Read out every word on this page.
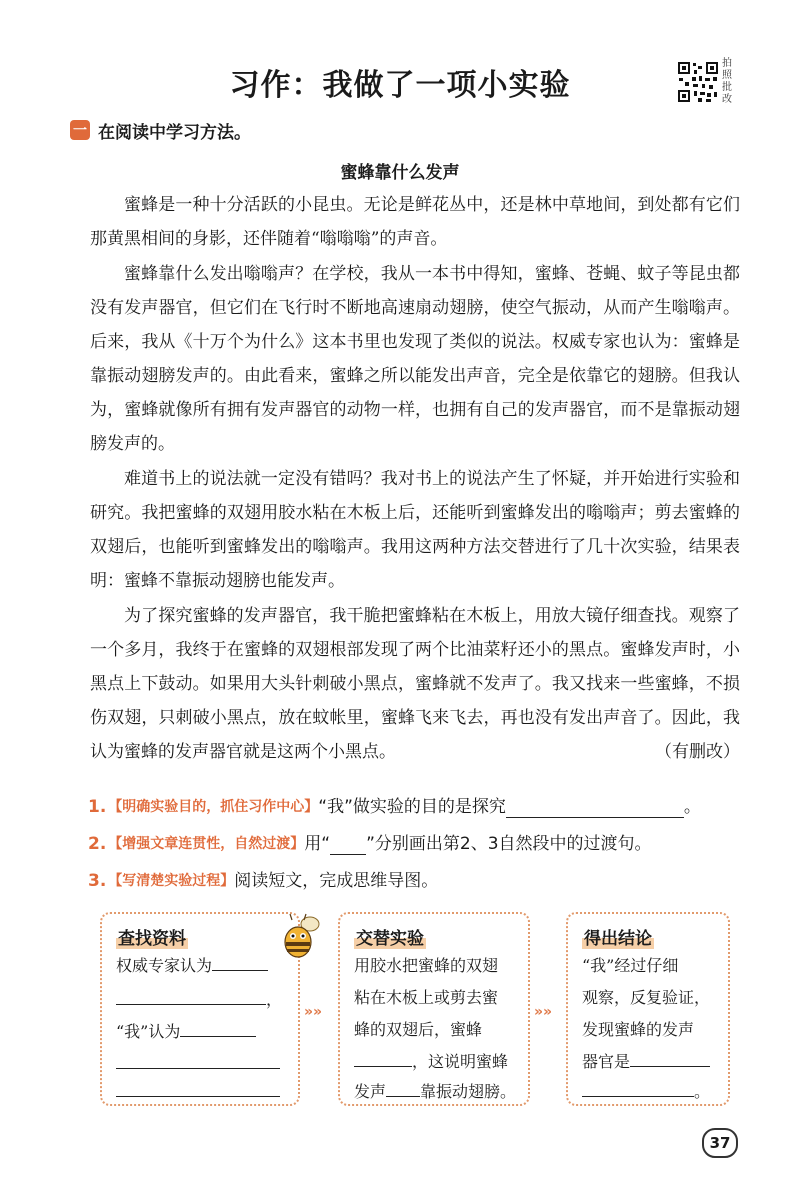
习作：我做了一项小实验
拍照批改
一 在阅读中学习方法。
蜜蜂靠什么发声

蜜蜂是一种十分活跃的小昆虫。无论是鲜花丛中，还是林中草地间，到处都有它们那黄黑相间的身影，还伴随着“嗡嗡嗡”的声音。

蜜蜂靠什么发出嗡嗡声？在学校，我从一本书中得知，蜜蜂、苍蝇、蚊子等昆虫都没有发声器官，但它们在飞行时不断地高速扇动翅膀，使空气振动，从而产生嗡嗡声。后来，我从《十万个为什么》这本书里也发现了类似的说法。权威专家也认为：蜜蜂是靠振动翅膀发声的。由此看来，蜜蜂之所以能发出声音，完全是依靠它的翅膀。但我认为，蜜蜂就像所有拥有发声器官的动物一样，也拥有自己的发声器官，而不是靠振动翅膀发声的。

难道书上的说法就一定没有错吗？我对书上的说法产生了怀疑，并开始进行实验和研究。我把蜜蜂的双翅用胶水粘在木板上后，还能听到蜜蜂发出的嗡嗡声；剪去蜜蜂的双翅后，也能听到蜜蜂发出的嗡嗡声。我用这两种方法交替进行了几十次实验，结果表明：蜜蜂不靠振动翅膀也能发声。

为了探究蜜蜂的发声器官，我干脆把蜜蜂粘在木板上，用放大镜仔细查找。观察了一个多月，我终于在蜜蜂的双翅根部发现了两个比油菜籽还小的黑点。蜜蜂发声时，小黑点上下鼓动。如果用大头针刺破小黑点，蜜蜂就不发声了。我又找来一些蜜蜂，不损伤双翅，只刺破小黑点，放在蚊帐里，蜜蜂飞来飞去，再也没有发出声音了。因此，我认为蜜蜂的发声器官就是这两个小黑点。	（有删改）

1. 【明确实验目的，抓住习作中心】 “我”做实验的目的是探究	。
2. 【增强文章连贯性，自然过渡】 用“ ”分别画出第2、3自然段中的过渡句。
3. 【写清楚实验过程】 阅读短文，完成思维导图。
查找资料
权威专家认为
，
“我”认为
»»
交替实验
用胶水把蜜蜂的双翅
粘在木板上或剪去蜜
蜂的双翅后，蜜蜂
，这说明蜜蜂
发声 靠振动翅膀。
»»
得出结论
“我”经过仔细
观察，反复验证，
发现蜜蜂的发声
器官是
。
37
